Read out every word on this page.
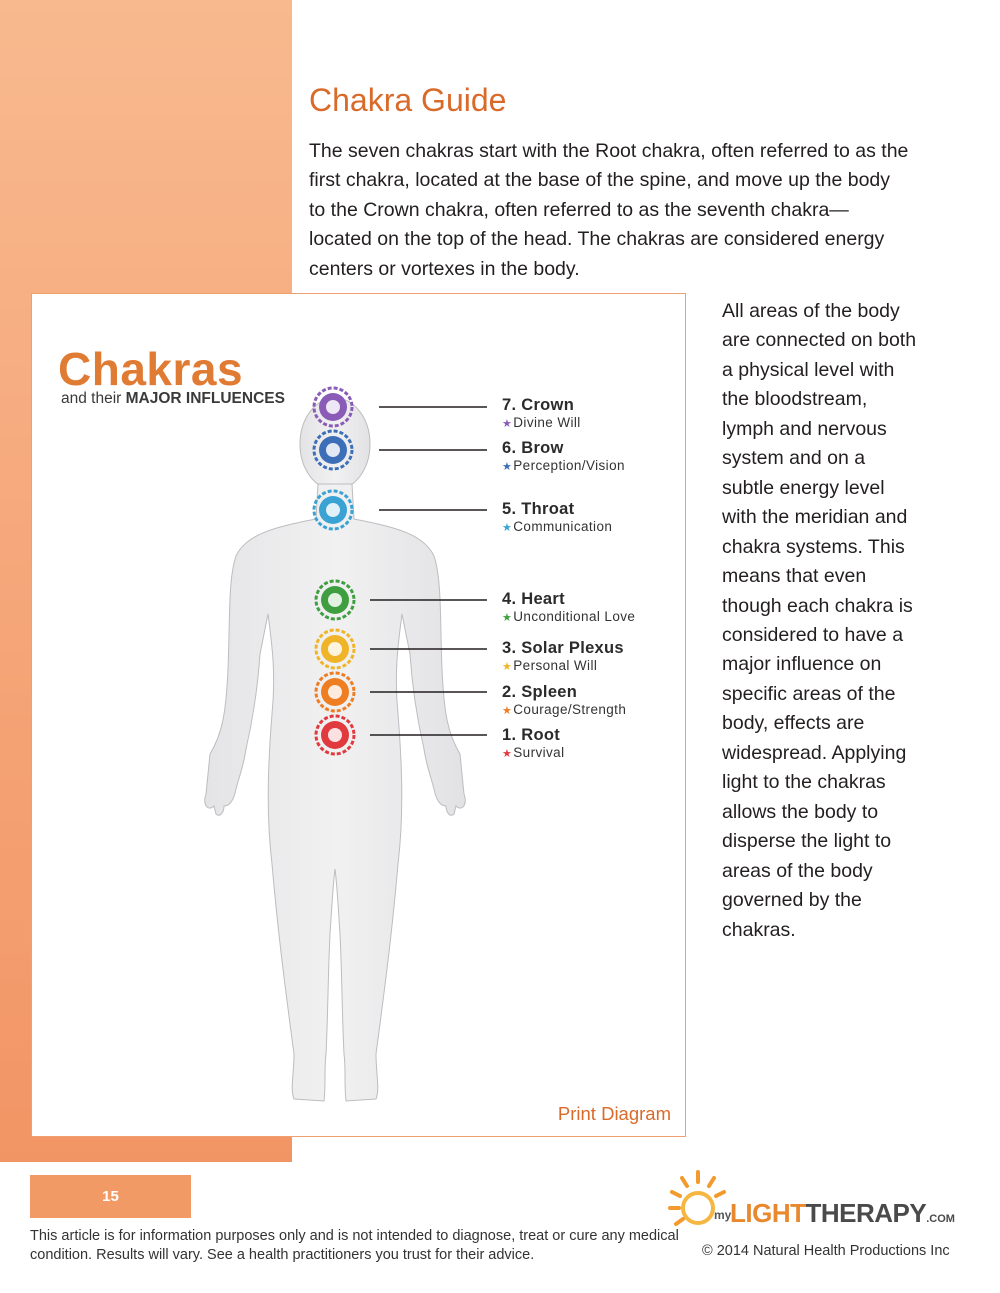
Chakra Guide

The seven chakras start with the Root chakra, often referred to as the first chakra, located at the base of the spine, and move up the body to the Crown chakra, often referred to as the seventh chakra—located on the top of the head. The chakras are considered energy centers or vortexes in the body.

Chakras
and their MAJOR INFLUENCES	7. Crown
★Divine Will
6. Brow
★Perception/Vision
5. Throat
★Communication
4. Heart
★Unconditional Love
3. Solar Plexus
★Personal Will
2. Spleen
★Courage/Strength
1. Root
★Survival
Print Diagram

All areas of the body are connected on both a physical level with the bloodstream, lymph and nervous system and on a subtle energy level with the meridian and chakra systems. This means that even though each chakra is considered to have a major influence on specific areas of the body, effects are widespread. Applying light to the chakras allows the body to disperse the light to areas of the body governed by the chakras.

15

This article is for information purposes only and is not intended to diagnose, treat or cure any medical condition. Results will vary. See a health practitioners you trust for their advice.

my
LIGHTTHERAPY.COM
© 2014 Natural Health Productions Inc
